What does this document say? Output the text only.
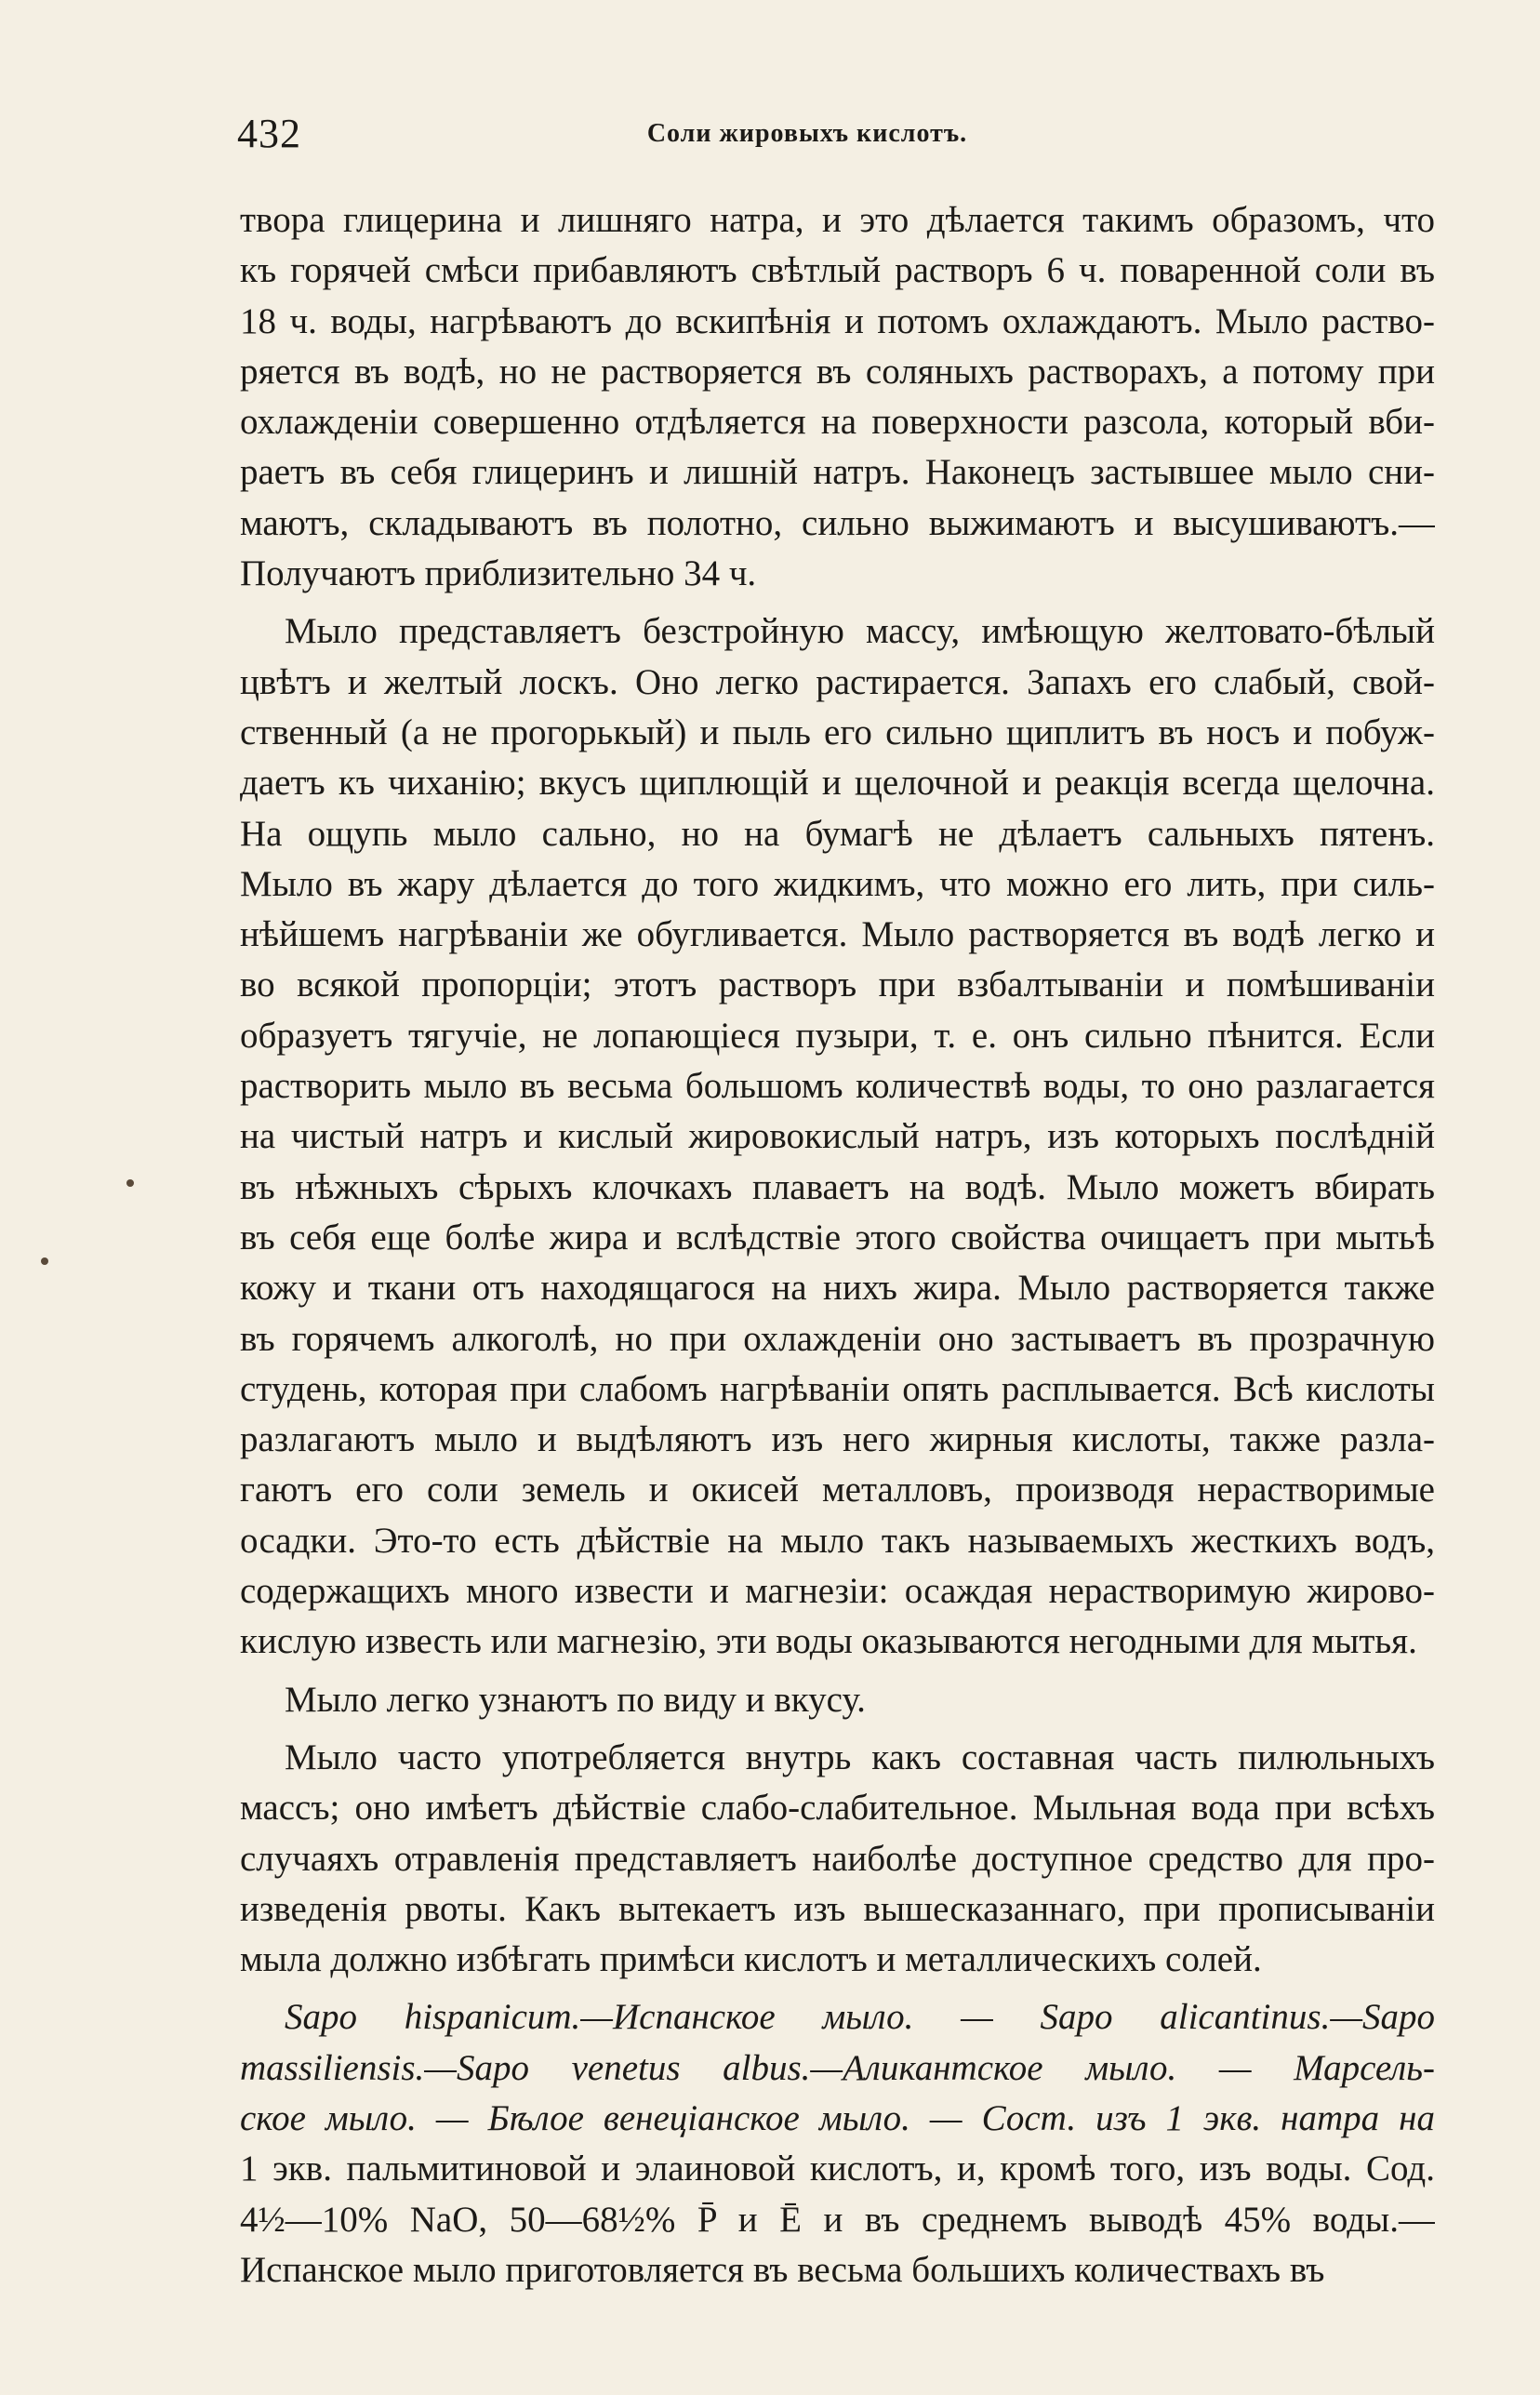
432	Соли жировыхъ кислотъ.
твора глицерина и лишняго натра, и это дѣлается такимъ образомъ, что
къ горячей смѣси прибавляютъ свѣтлый растворъ 6 ч. поваренной соли въ
18 ч. воды, нагрѣваютъ до вскипѣнія и потомъ охлаждаютъ. Мыло раство-
ряется въ водѣ, но не растворяется въ соляныхъ растворахъ, а потому при
охлажденіи совершенно отдѣляется на поверхности разсола, который вби-
раетъ въ себя глицеринъ и лишній натръ. Наконецъ застывшее мыло сни-
маютъ, складываютъ въ полотно, сильно выжимаютъ и высушиваютъ.—
Получаютъ приблизительно 34 ч.
Мыло представляетъ безстройную массу, имѣющую желтовато-бѣлый
цвѣтъ и желтый лоскъ. Оно легко растирается. Запахъ его слабый, свой-
ственный (а не прогорькый) и пыль его сильно щиплитъ въ носъ и побуж-
даетъ къ чиханію; вкусъ щиплющій и щелочной и реакція всегда щелочна.
На ощупь мыло сально, но на бумагѣ не дѣлаетъ сальныхъ пятенъ.
Мыло въ жару дѣлается до того жидкимъ, что можно его лить, при силь-
нѣйшемъ нагрѣваніи же обугливается. Мыло растворяется въ водѣ легко и
во всякой пропорціи; этотъ растворъ при взбалтываніи и помѣшиваніи
образуетъ тягучіе, не лопающіеся пузыри, т. е. онъ сильно пѣнится. Если
растворить мыло въ весьма большомъ количествѣ воды, то оно разлагается
на чистый натръ и кислый жировокислый натръ, изъ которыхъ послѣдній
въ нѣжныхъ сѣрыхъ клочкахъ плаваетъ на водѣ. Мыло можетъ вбирать
въ себя еще болѣе жира и вслѣдствіе этого свойства очищаетъ при мытьѣ
кожу и ткани отъ находящагося на нихъ жира. Мыло растворяется также
въ горячемъ алкоголѣ, но при охлажденіи оно застываетъ въ прозрачную
студень, которая при слабомъ нагрѣваніи опять расплывается. Всѣ кислоты
разлагаютъ мыло и выдѣляютъ изъ него жирныя кислоты, также разла-
гаютъ его соли земель и окисей металловъ, производя нерастворимые
осадки. Это-то есть дѣйствіе на мыло такъ называемыхъ жесткихъ водъ,
содержащихъ много извести и магнезіи: осаждая нерастворимую жирово-
кислую известь или магнезію, эти воды оказываются негодными для мытья.
Мыло легко узнаютъ по виду и вкусу.
Мыло часто употребляется внутрь какъ составная часть пилюльныхъ
массъ; оно имѣетъ дѣйствіе слабо-слабительное. Мыльная вода при всѣхъ
случаяхъ отравленія представляетъ наиболѣе доступное средство для про-
изведенія рвоты. Какъ вытекаетъ изъ вышесказаннаго, при прописываніи
мыла должно избѣгать примѣси кислотъ и металлическихъ солей.
Sapo hispanicum.—Испанское мыло. — Sapo alicantinus.—Sapo
massiliensis.—Sapo venetus albus.—Аликантское мыло. — Марсель-
ское мыло. — Бѣлое венеціанское мыло. — Сост. изъ 1 экв. натра на
1 экв. пальмитиновой и элаиновой кислотъ, и, кромѣ того, изъ воды. Сод.
4½—10% NaO, 50—68½% P̄ и Ē и въ среднемъ выводѣ 45% воды.—
Испанское мыло приготовляется въ весьма большихъ количествахъ въ
